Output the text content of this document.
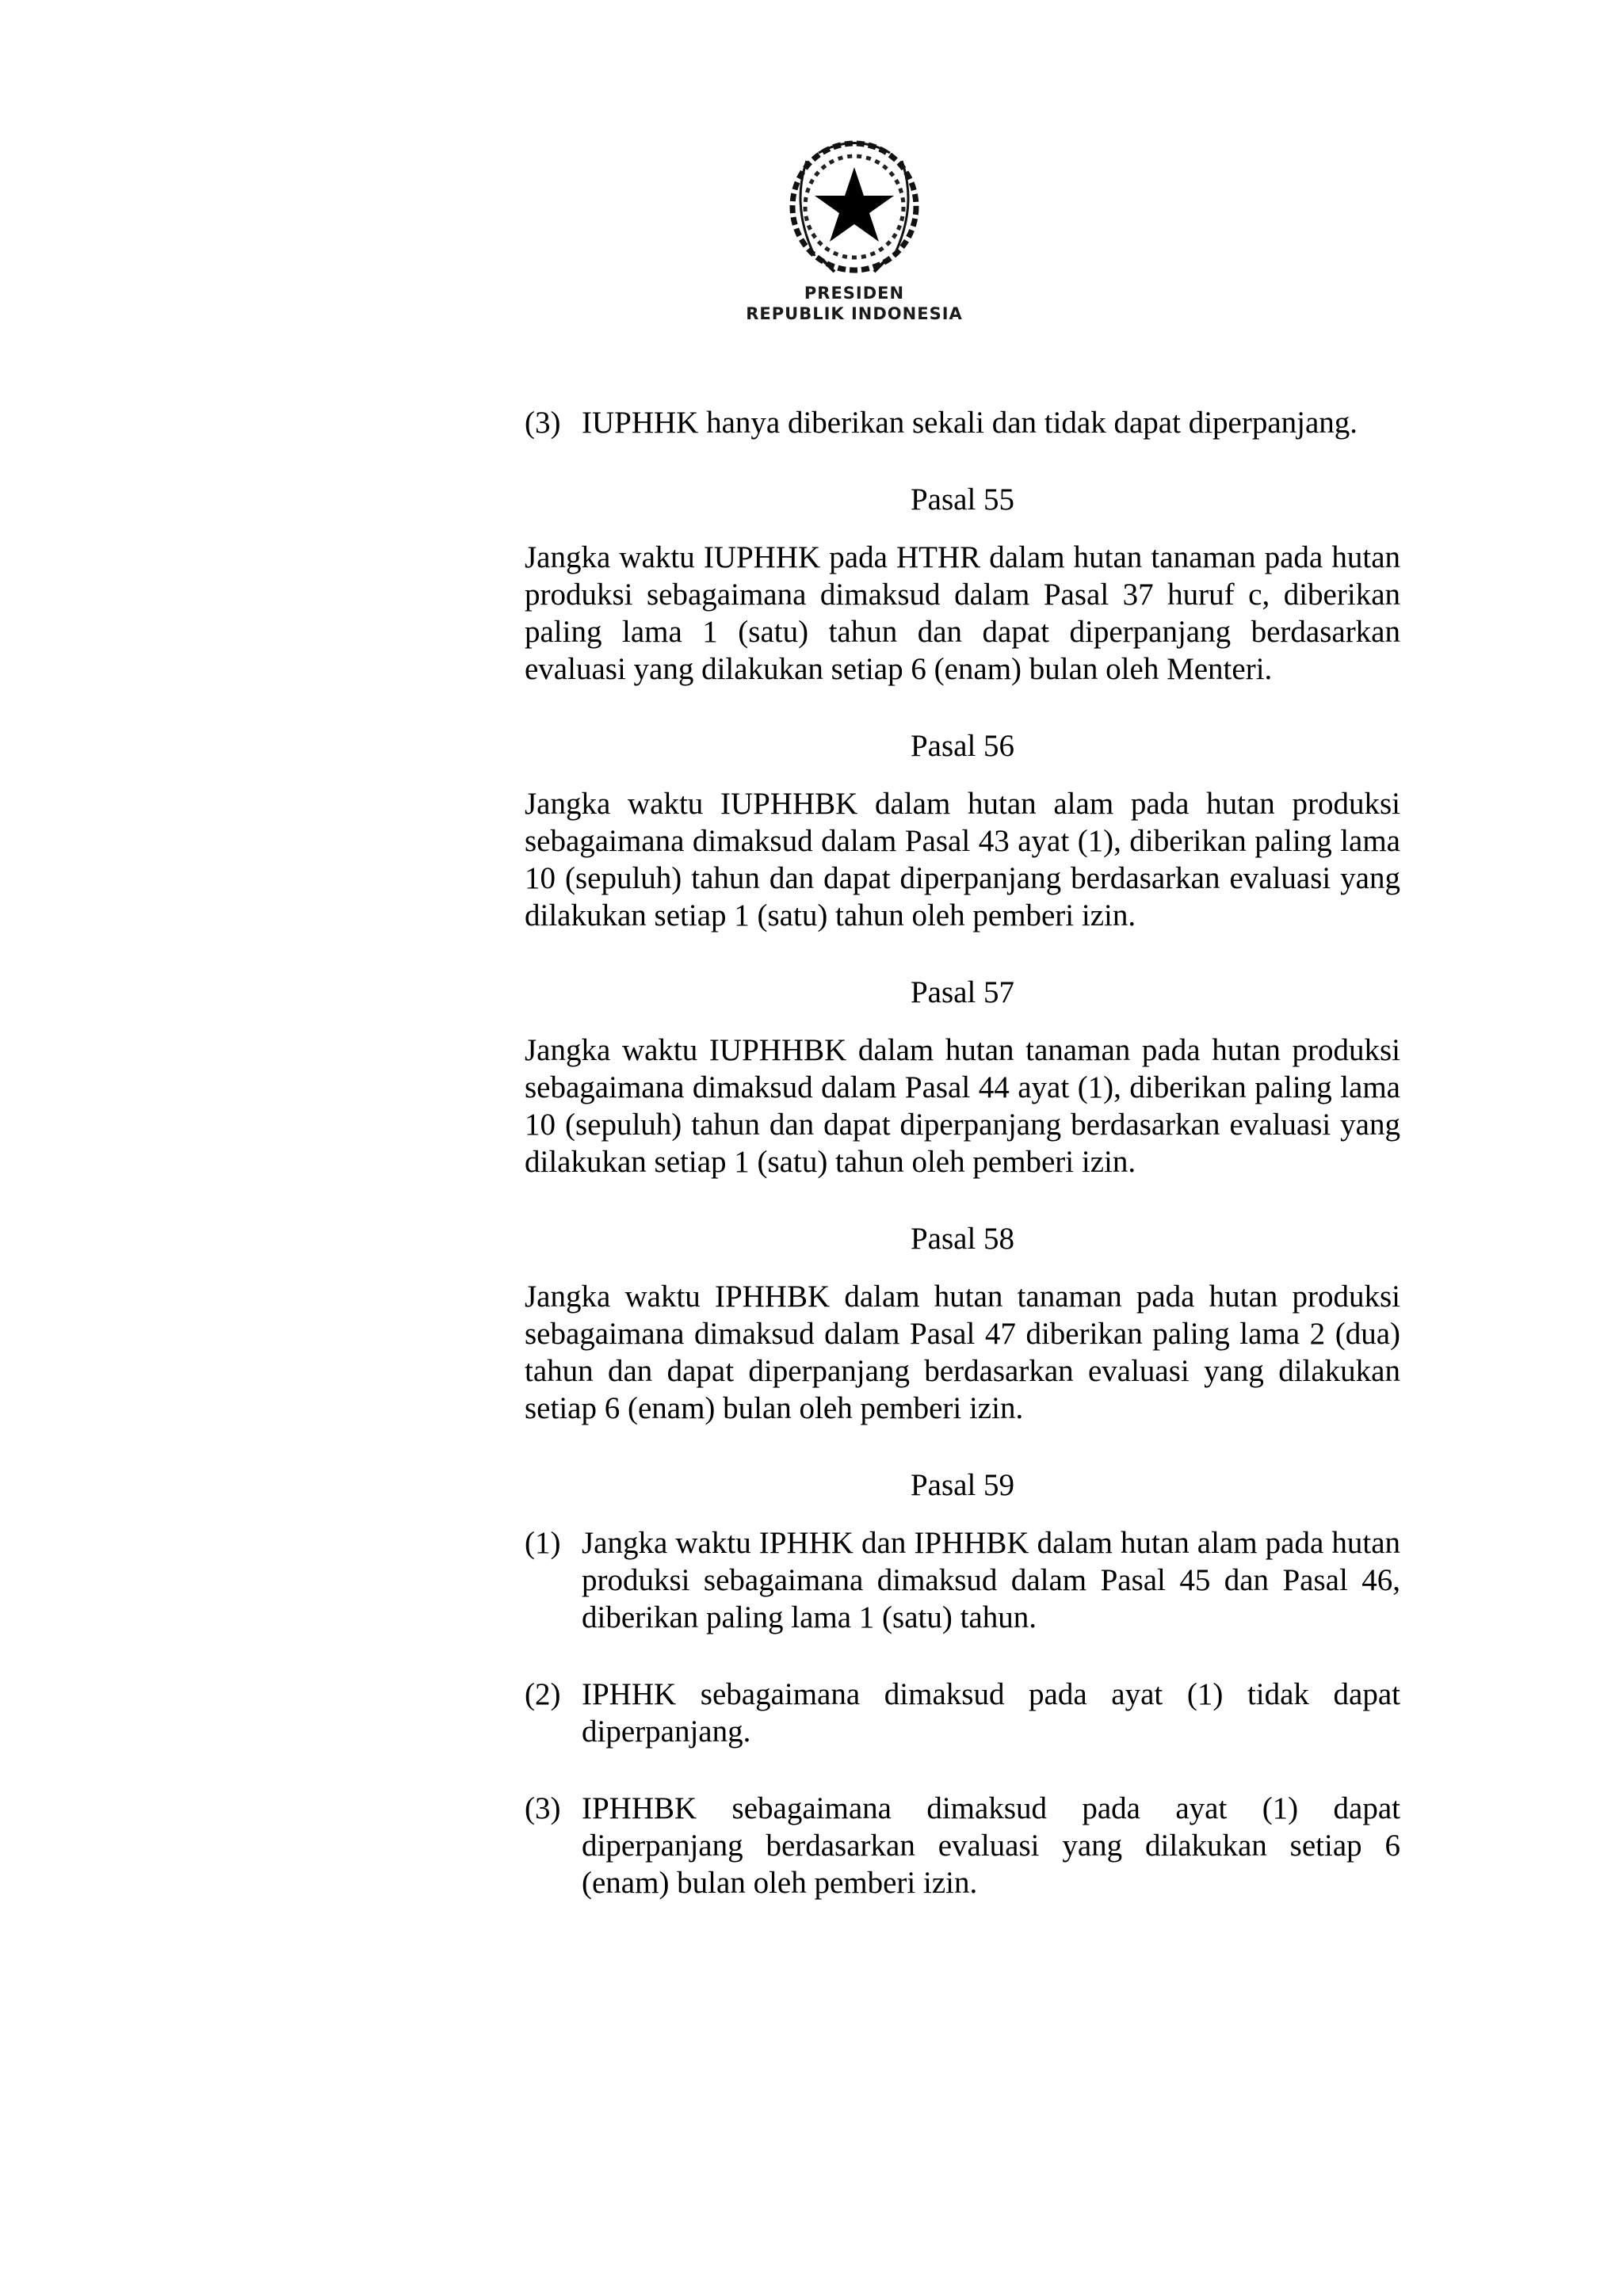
PRESIDEN
REPUBLIK INDONESIA
(3) IUPHHK hanya diberikan sekali dan tidak dapat diperpanjang.

Pasal 55

Jangka waktu IUPHHK pada HTHR dalam hutan tanaman pada hutan produksi sebagaimana dimaksud dalam Pasal 37 huruf c, diberikan paling lama 1 (satu) tahun dan dapat diperpanjang berdasarkan evaluasi yang dilakukan setiap 6 (enam) bulan oleh Menteri.

Pasal 56

Jangka waktu IUPHHBK dalam hutan alam pada hutan produksi sebagaimana dimaksud dalam Pasal 43 ayat (1), diberikan paling lama 10 (sepuluh) tahun dan dapat diperpanjang berdasarkan evaluasi yang dilakukan setiap 1 (satu) tahun oleh pemberi izin.

Pasal 57

Jangka waktu IUPHHBK dalam hutan tanaman pada hutan produksi sebagaimana dimaksud dalam Pasal 44 ayat (1), diberikan paling lama 10 (sepuluh) tahun dan dapat diperpanjang berdasarkan evaluasi yang dilakukan setiap 1 (satu) tahun oleh pemberi izin.

Pasal 58

Jangka waktu IPHHBK dalam hutan tanaman pada hutan produksi sebagaimana dimaksud dalam Pasal 47 diberikan paling lama 2 (dua) tahun dan dapat diperpanjang berdasarkan evaluasi yang dilakukan setiap 6 (enam) bulan oleh pemberi izin.

Pasal 59

(1) Jangka waktu IPHHK dan IPHHBK dalam hutan alam pada hutan produksi sebagaimana dimaksud dalam Pasal 45 dan Pasal 46, diberikan paling lama 1 (satu) tahun.
(2) IPHHK sebagaimana dimaksud pada ayat (1) tidak dapat diperpanjang.
(3) IPHHBK sebagaimana dimaksud pada ayat (1) dapat diperpanjang berdasarkan evaluasi yang dilakukan setiap 6 (enam) bulan oleh pemberi izin.
